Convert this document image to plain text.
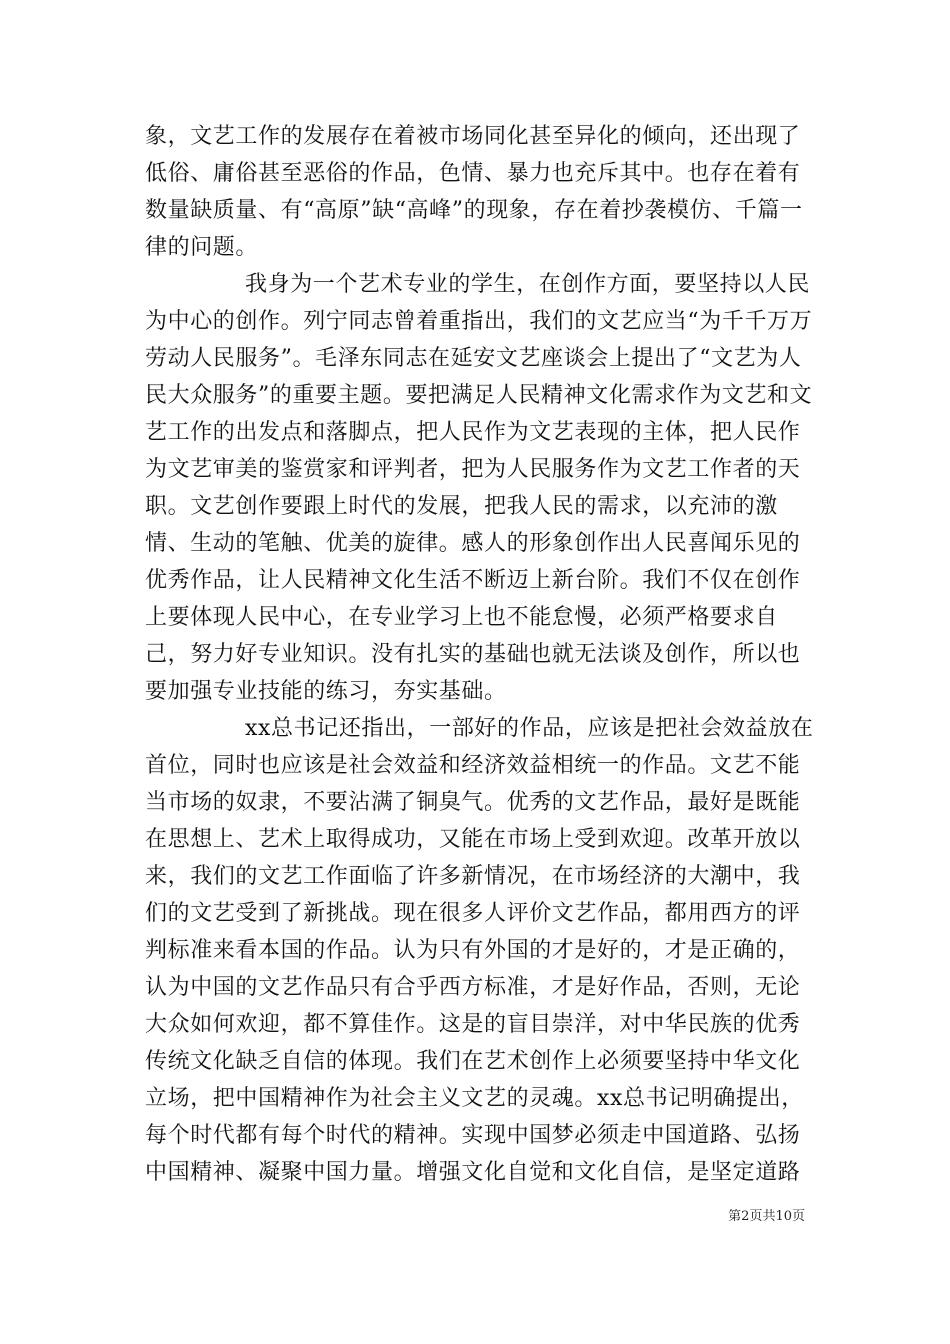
象，文艺工作的发展存在着被市场同化甚至异化的倾向，还出现了低俗、庸俗甚至恶俗的作品，色情、暴力也充斥其中。也存在着有数量缺质量、有“高原”缺“高峰”的现象，存在着抄袭模仿、千篇一律的问题。

我身为一个艺术专业的学生，在创作方面，要坚持以人民为中心的创作。列宁同志曾着重指出，我们的文艺应当“为千千万万劳动人民服务”。毛泽东同志在延安文艺座谈会上提出了“文艺为人民大众服务”的重要主题。要把满足人民精神文化需求作为文艺和文艺工作的出发点和落脚点，把人民作为文艺表现的主体，把人民作为文艺审美的鉴赏家和评判者，把为人民服务作为文艺工作者的天职。文艺创作要跟上时代的发展，把我人民的需求，以充沛的激情、生动的笔触、优美的旋律。感人的形象创作出人民喜闻乐见的优秀作品，让人民精神文化生活不断迈上新台阶。我们不仅在创作上要体现人民中心，在专业学习上也不能怠慢，必须严格要求自己，努力好专业知识。没有扎实的基础也就无法谈及创作，所以也要加强专业技能的练习，夯实基础。

xx总书记还指出，一部好的作品，应该是把社会效益放在首位，同时也应该是社会效益和经济效益相统一的作品。文艺不能当市场的奴隶，不要沾满了铜臭气。优秀的文艺作品，最好是既能在思想上、艺术上取得成功，又能在市场上受到欢迎。改革开放以来，我们的文艺工作面临了许多新情况，在市场经济的大潮中，我们的文艺受到了新挑战。现在很多人评价文艺作品，都用西方的评判标准来看本国的作品。认为只有外国的才是好的，才是正确的，认为中国的文艺作品只有合乎西方标准，才是好作品，否则，无论大众如何欢迎，都不算佳作。这是的盲目崇洋，对中华民族的优秀传统文化缺乏自信的体现。我们在艺术创作上必须要坚持中华文化立场，把中国精神作为社会主义文艺的灵魂。xx总书记明确提出，每个时代都有每个时代的精神。实现中国梦必须走中国道路、弘扬中国精神、凝聚中国力量。增强文化自觉和文化自信，是坚定道路

第2页共10页
